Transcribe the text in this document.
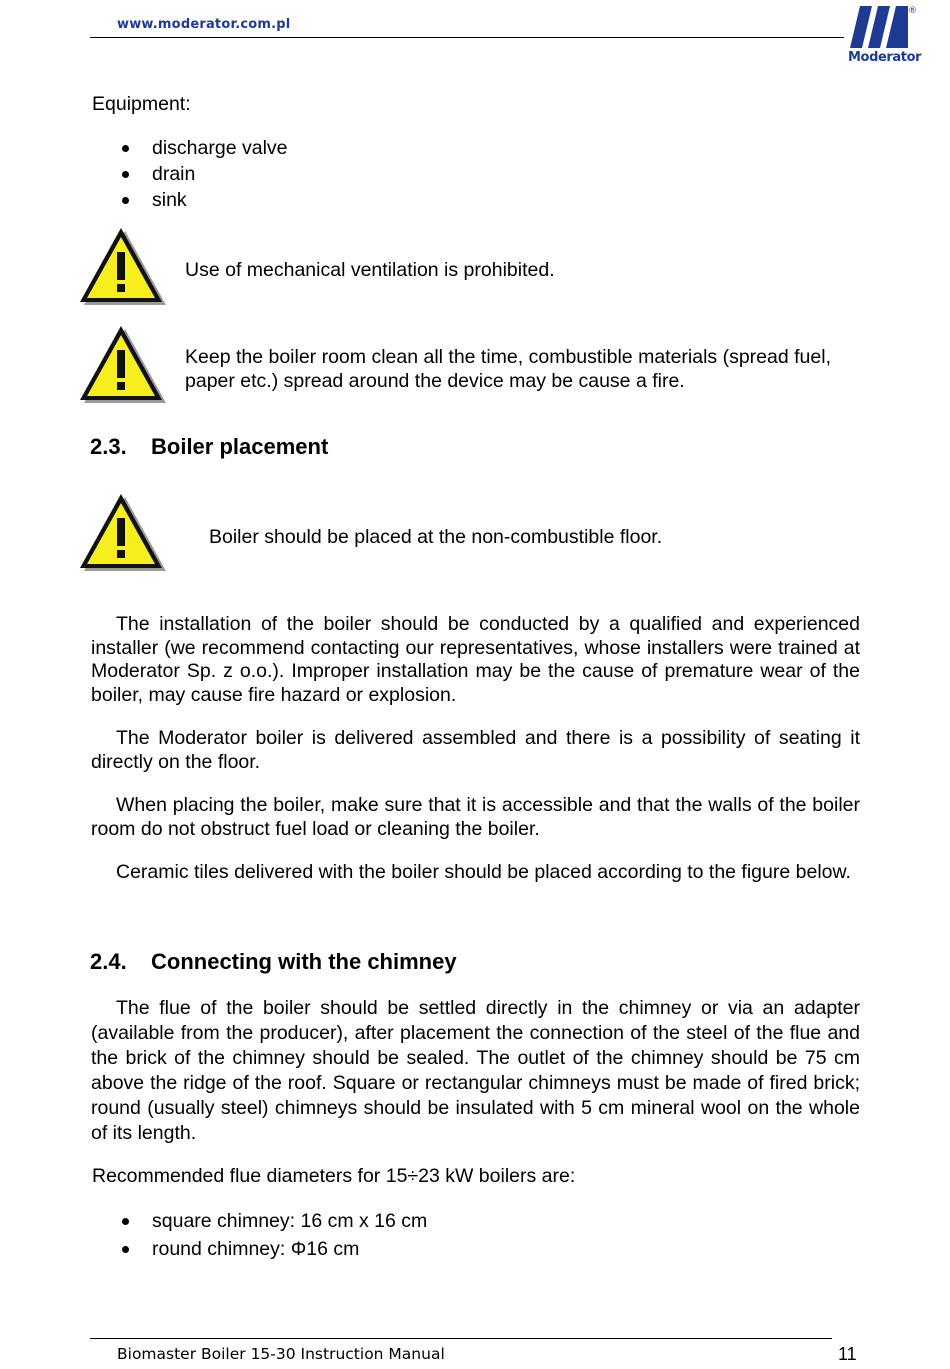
www.moderator.com.pl
®
Moderator
Equipment:
discharge valve
drain
sink
Use of mechanical ventilation is prohibited.
Keep the boiler room clean all the time, combustible materials (spread fuel, paper etc.) spread around the device may be cause a fire.
2.3. Boiler placement
Boiler should be placed at the non-combustible floor.
The installation of the boiler should be conducted by a qualified and experienced installer (we recommend contacting our representatives, whose installers were trained at Moderator Sp. z o.o.). Improper installation may be the cause of premature wear of the boiler, may cause fire hazard or explosion.
The Moderator boiler is delivered assembled and there is a possibility of seating it directly on the floor.
When placing the boiler, make sure that it is accessible and that the walls of the boiler room do not obstruct fuel load or cleaning the boiler.
Ceramic tiles delivered with the boiler should be placed according to the figure below.
2.4. Connecting with the chimney
The flue of the boiler should be settled directly in the chimney or via an adapter (available from the producer), after placement the connection of the steel of the flue and the brick of the chimney should be sealed. The outlet of the chimney should be 75 cm above the ridge of the roof. Square or rectangular chimneys must be made of fired brick; round (usually steel) chimneys should be insulated with 5 cm mineral wool on the whole of its length.
Recommended flue diameters for 15÷23 kW boilers are:
square chimney: 16 cm x 16 cm
round chimney: Φ16 cm
Biomaster Boiler 15-30 Instruction Manual	11
